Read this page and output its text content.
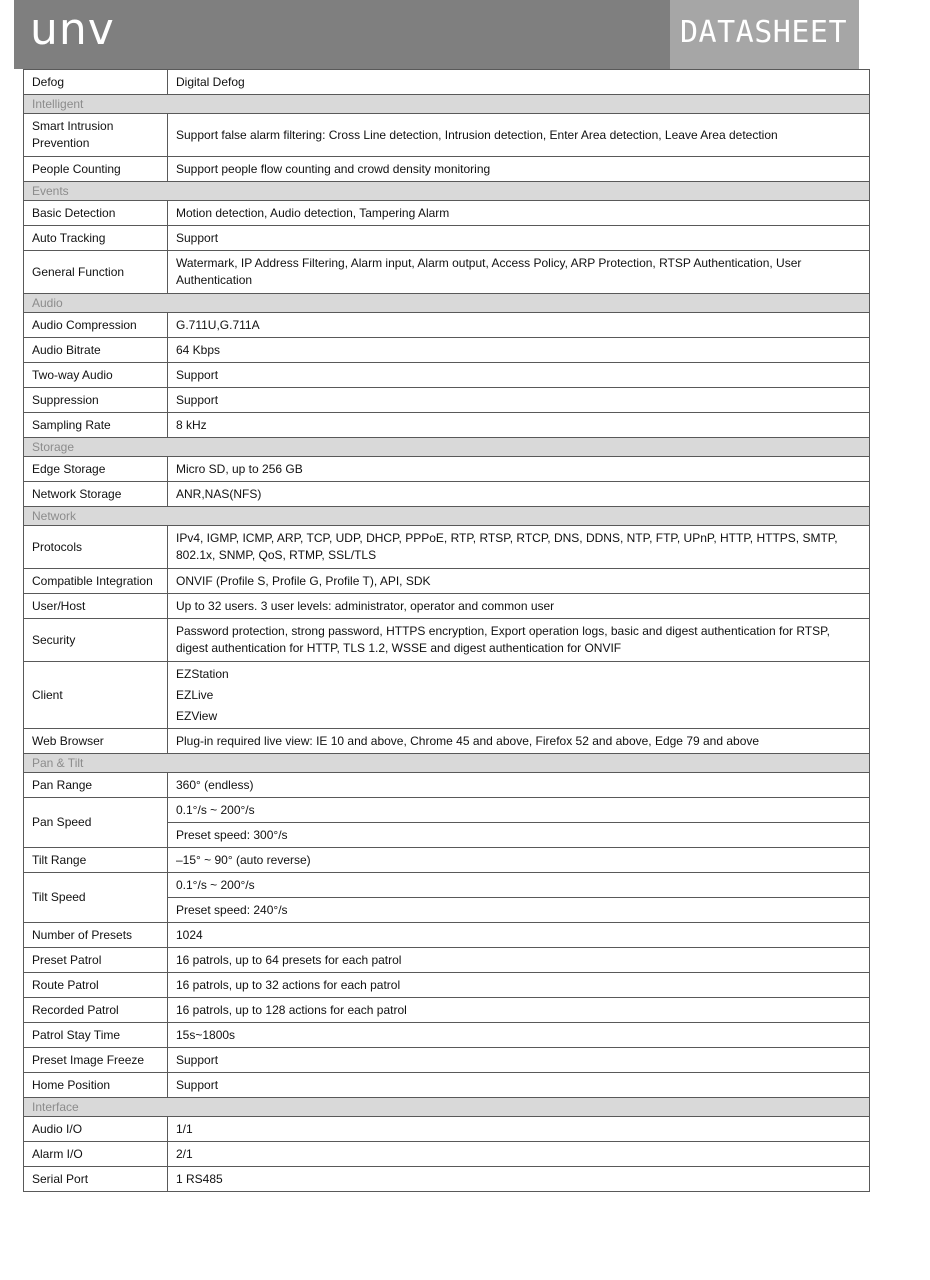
unv	DATASHEET
Defog	Digital Defog
Intelligent	
Smart Intrusion Prevention	Support false alarm filtering: Cross Line detection, Intrusion detection, Enter Area detection, Leave Area detection
People Counting	Support people flow counting and crowd density monitoring
Events	
Basic Detection	Motion detection, Audio detection, Tampering Alarm
Auto Tracking	Support
General Function	Watermark, IP Address Filtering, Alarm input, Alarm output, Access Policy, ARP Protection, RTSP Authentication, User Authentication
Audio	
Audio Compression	G.711U,G.711A
Audio Bitrate	64 Kbps
Two-way Audio	Support
Suppression	Support
Sampling Rate	8 kHz
Storage	
Edge Storage	Micro SD, up to 256 GB
Network Storage	ANR,NAS(NFS)
Network	
Protocols	IPv4, IGMP, ICMP, ARP, TCP, UDP, DHCP, PPPoE, RTP, RTSP, RTCP, DNS, DDNS, NTP, FTP, UPnP, HTTP, HTTPS, SMTP, 802.1x, SNMP, QoS, RTMP, SSL/TLS
Compatible Integration	ONVIF (Profile S, Profile G, Profile T), API, SDK
User/Host	Up to 32 users. 3 user levels: administrator, operator and common user
Security	Password protection, strong password, HTTPS encryption, Export operation logs, basic and digest authentication for RTSP, digest authentication for HTTP, TLS 1.2, WSSE and digest authentication for ONVIF
Client	EZStation
EZLive
EZView

Web Browser	Plug-in required live view: IE 10 and above, Chrome 45 and above, Firefox 52 and above, Edge 79 and above
Pan & Tilt	
Pan Range	360° (endless)
Pan Speed	0.1°/s ~ 200°/s
	Preset speed: 300°/s
Tilt Range	–15° ~ 90° (auto reverse)
Tilt Speed	0.1°/s ~ 200°/s
	Preset speed: 240°/s
Number of Presets	1024
Preset Patrol	16 patrols, up to 64 presets for each patrol
Route Patrol	16 patrols, up to 32 actions for each patrol
Recorded Patrol	16 patrols, up to 128 actions for each patrol
Patrol Stay Time	15s~1800s
Preset Image Freeze	Support
Home Position	Support
Interface	
Audio I/O	1/1
Alarm I/O	2/1
Serial Port	1 RS485
